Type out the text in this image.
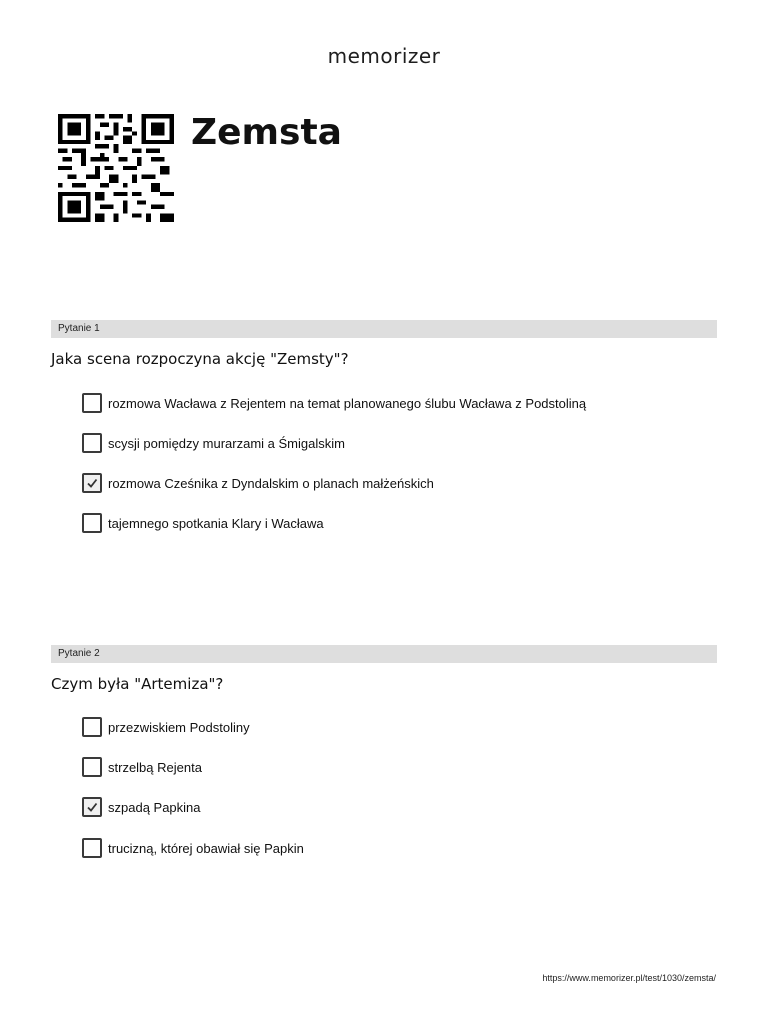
memorizer
Zemsta
Pytanie 1
Jaka scena rozpoczyna akcję "Zemsty"?
rozmowa Wacława z Rejentem na temat planowanego ślubu Wacława z Podstoliną
scysji pomiędzy murarzami a Śmigalskim
rozmowa Cześnika z Dyndalskim o planach małżeńskich
tajemnego spotkania Klary i Wacława
Pytanie 2
Czym była "Artemiza"?
przezwiskiem Podstoliny
strzelbą Rejenta
szpadą Papkina
trucizną, której obawiał się Papkin
https://www.memorizer.pl/test/1030/zemsta/
